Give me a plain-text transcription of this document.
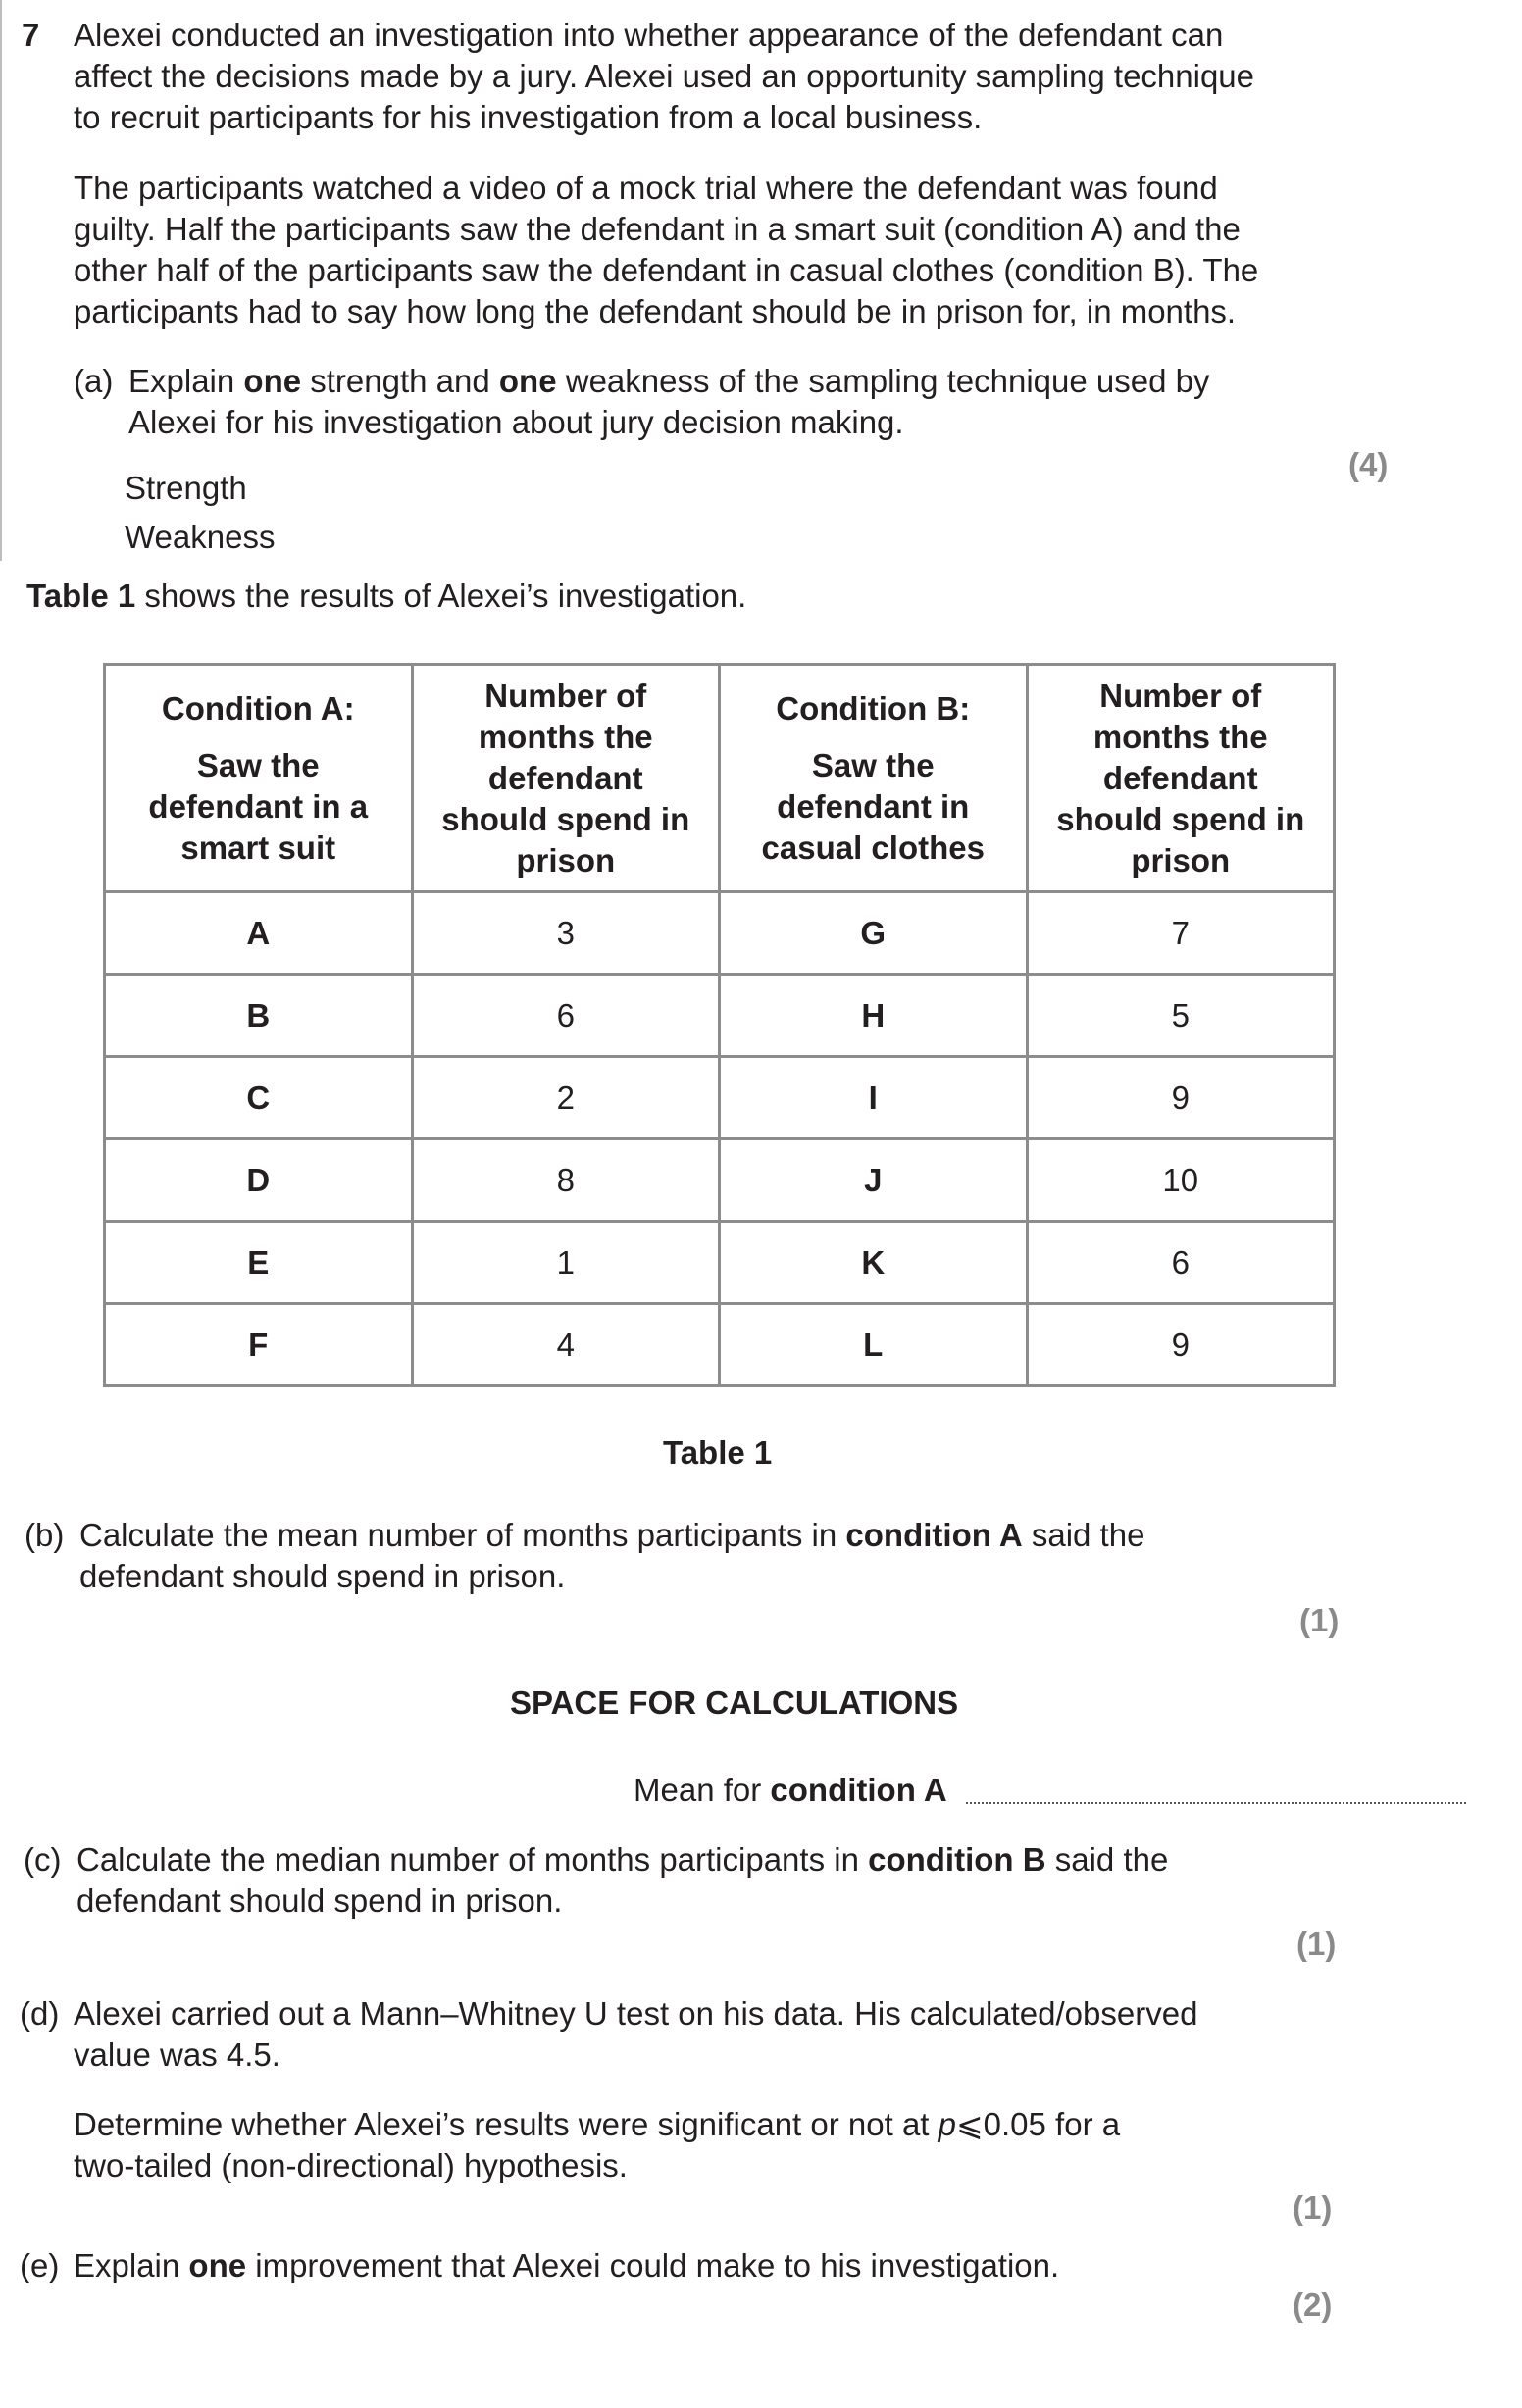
7 Alexei conducted an investigation into whether appearance of the defendant can
affect the decisions made by a jury. Alexei used an opportunity sampling technique
to recruit participants for his investigation from a local business.
The participants watched a video of a mock trial where the defendant was found
guilty. Half the participants saw the defendant in a smart suit (condition A) and the
other half of the participants saw the defendant in casual clothes (condition B). The
participants had to say how long the defendant should be in prison for, in months.
(a) Explain one strength and one weakness of the sampling technique used by
Alexei for his investigation about jury decision making.
(4)
Strength
Weakness
Table 1 shows the results of Alexei’s investigation.
Condition A:
Saw the
defendant in a
smart suit	Number of
months the
defendant
should spend in
prison	Condition B:
Saw the
defendant in
casual clothes	Number of
months the
defendant
should spend in
prison

A	3	G	7
B	6	H	5
C	2	I	9
D	8	J	10
E	1	K	6
F	4	L	9
Table 1
(b) Calculate the mean number of months participants in condition A said the
defendant should spend in prison.
(1)
SPACE FOR CALCULATIONS
Mean for condition A
(c) Calculate the median number of months participants in condition B said the
defendant should spend in prison.
(1)
(d) Alexei carried out a Mann–Whitney U test on his data. His calculated/observed
value was 4.5.
Determine whether Alexei’s results were significant or not at p⩽0.05 for a
two-tailed (non-directional) hypothesis.
(1)
(e) Explain one improvement that Alexei could make to his investigation.
(2)
